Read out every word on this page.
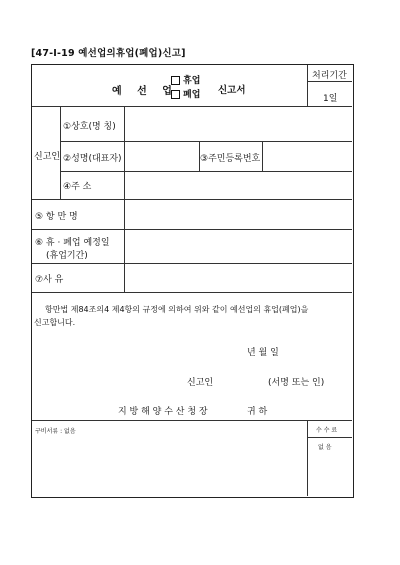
[47-Ⅰ-19 예선업의휴업(폐업)신고]
예 선 업
휴업
폐업 신고서
처리기간
1일
신고인
①상호(명 칭)
②성명(대표자)	③주민등록번호
④주 소
⑤ 항 만 명
⑥ 휴 · 폐업 예정일
(휴업기간)
⑦사 유
항만법 제84조의4 제4항의 규정에 의하여 위와 같이 예선업의 휴업(폐업)을
신고합니다.
년 월 일
신고인	(서명 또는 인)
지 방 해 양 수 산 청 장	귀 하
구비서류 : 없음	수 수 료
없 음
